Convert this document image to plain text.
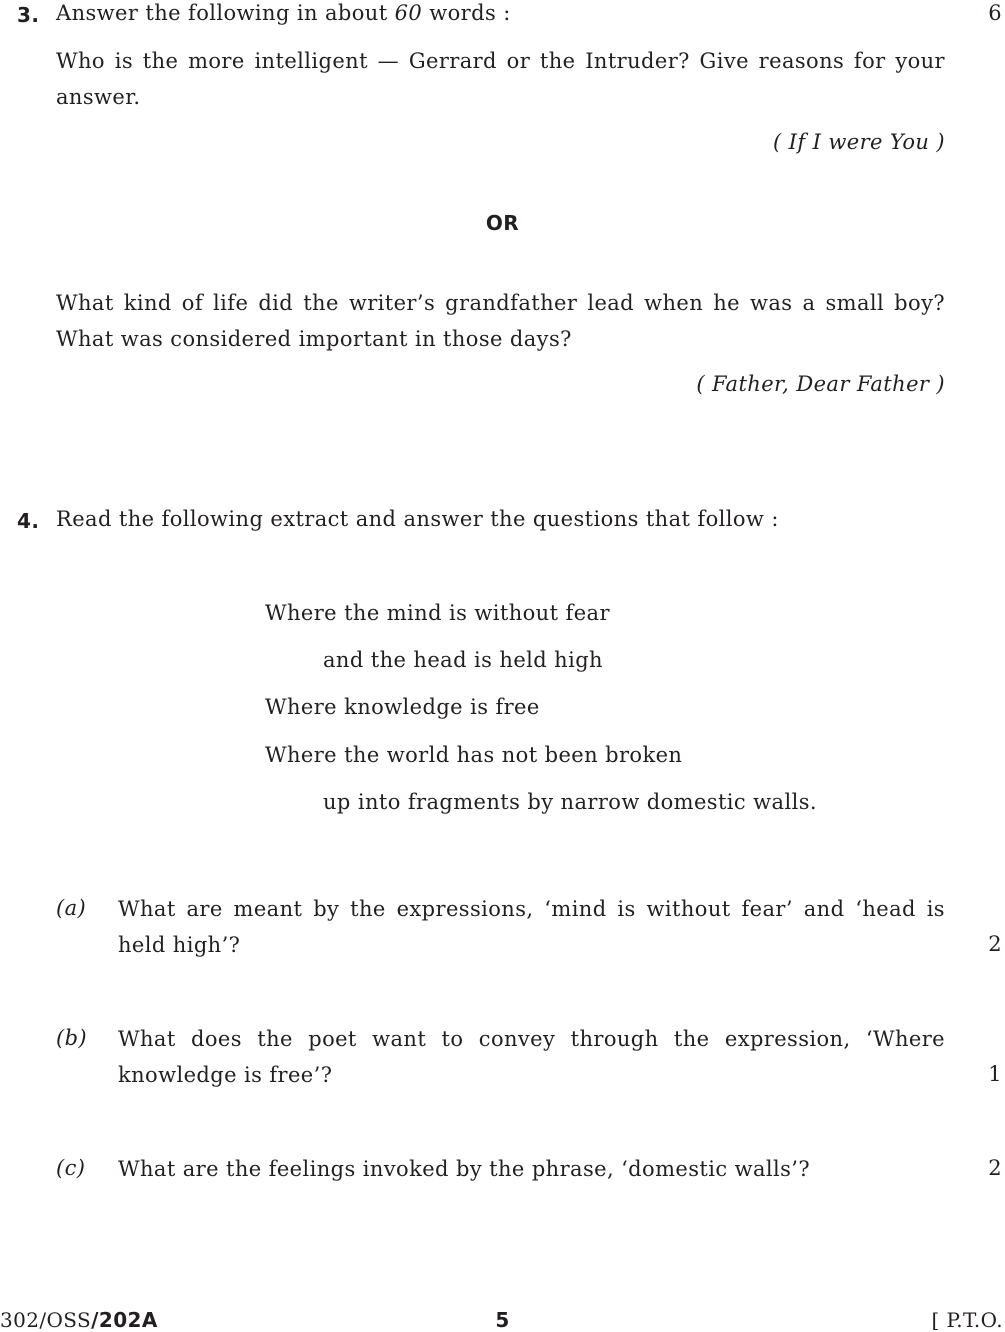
3. Answer the following in about 60 words :	6
Who is the more intelligent — Gerrard or the Intruder? Give reasons for your answer.
( If I were You )
OR
What kind of life did the writer’s grandfather lead when he was a small boy? What was considered important in those days?
( Father, Dear Father )
4. Read the following extract and answer the questions that follow :
Where the mind is without fear
and the head is held high
Where knowledge is free
Where the world has not been broken
up into fragments by narrow domestic walls.
(a) What are meant by the expressions, ‘mind is without fear’ and ‘head is held high’?	2
(b) What does the poet want to convey through the expression, ‘Where knowledge is free’?	1
(c) What are the feelings invoked by the phrase, ‘domestic walls’?	2
302/OSS/202A	5	[ P.T.O.
